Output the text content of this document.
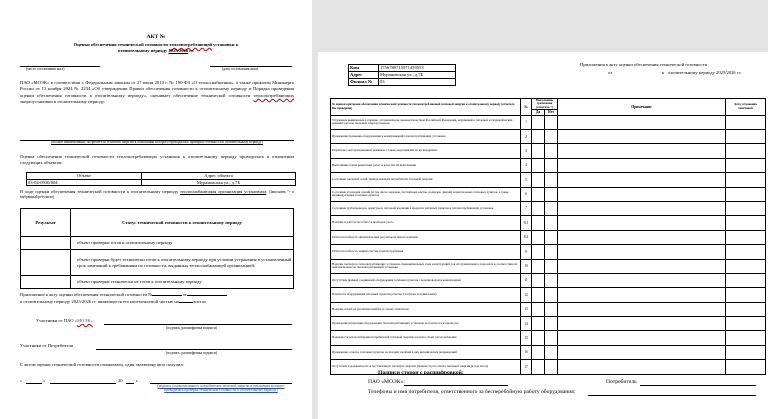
АКТ №
Оценки обеспечения технической готовности теплопотребляющей установки к
отопительному периоду 2025/2026 гг.
(место составления акта)	(дата составления акта)
ПАО «МОЭК» в соответствии с Федеральным законом от 27 июля 2010 г. № 190-ФЗ «О теплоснабжении», а также приказом Минэнерго России от 13 ноября 2024 № 2234 «Об утверждении Правил обеспечения готовности к отопительному периоду и Порядка проведения оценки обеспечения готовности к отопительному периоду», оценивает обеспечение технической готовности теплопотребляющих энергоустановки к отопительному периоду:
(полное наименование потребителя тепловой энергии в отношении которого проводилась проверка готовности к отопительному периоду)
Оценка обеспечения технической готовности теплопотребляющих установок к отопительному периоду проводилась в отношении следующих объектов:
Объект	Адрес объекта
03-04-0930/004	Мурановская ул., д.7Б
В ходе оценки обеспечения технической готовности к отопительному периоду теплоснабжающая организация установила: (Заполнить "+ в выбранный результат)
Результат	Статус технической готовности к отопительному периоду
	объект проверки готов к отопительному периоду
	объект проверки будет технически готов к отопительному периоду при условии устранения в установленный срок замечаний к требованиям по готовности, выданных теплоснабжающей организацией;
	объект проверки технически не готов к отопительному периоду
Приложение к акту оценки обеспечения технической готовности №	от
к отопительному периоду 2025/2026 гг. являющееся его неотъемлемой частью на	листах
Участники от ПАО «МОЭК»
(подпись, расшифровка подписи)
Участники от Потребителя
(подпись, расшифровка подписи)
С актом оценки технической готовности ознакомлен, один экземпляр акта получил:
«	»	20	г.
(подпись уполномоченного потребителем тепловой энергии в отношении которого проводилась проверка технической готовности к отопительному периоду)
Приложения к акту оценки обеспечения технической готовности
от	к отопительному периоду 2025/2026 гг.
Ким	1756780715071459553
Адрес	Мурановская ул., д.7Б
Филиал №	03
№ оценки критериев обеспечения технической готовности теплопотребляющей тепловой энергии к отопительному периоду (отметьте Вы проверено)	№	Выполнение требования (отметить +)		Примечание	Дата устранения замечаний
		Да	Нет		
Устранение выявленных в порядке, установленном законодательством Российской Федерации, нарушений в тепловых и гидравлических режимах работы тепловых энергоустановок	1				
Проведение промывки оборудования и коммуникаций теплопотребляющих установок	2				
Разработка эксплуатационных режимов, а также мероприятий по их внедрению	3				
Выполнение плана ремонтных работ и качество их выполнения	4				
Состояние тепловых сетей, принадлежащих потребителю тепловой энергии	5				
Состояние утепления зданий (и том числе чердаков, лестничных клеток, подвалов, дверей) и центральных тепловых пунктов, а также индивидуальных тепловых пунктов	6				
Состояние трубопроводов, арматуры и тепловой изоляции в пределах тепловых пунктов и теплопотребляющих установок	7				
Наличие и работоспособность приборов учета	8.1				
Работоспособность автоматических регуляторов при их наличии	8.2				
Работоспособность защиты систем теплопотребления	9				
Наличие паспортов теплопотребляющих установок, принципиальных схем и инструкций для обслуживающего персонала и соответствие их действительности теплопотребляющей установки	10				
Отсутствие прямых соединений оборудования тепловых пунктов с водопроводом и канализацией	11				
Плотность оборудования тепловых пунктов (отметка 0 и прочее и примечание)	12				
Наличие пломб на расчетных шайбах и соплах элеваторов	13				
Проведение испытания оборудования теплопотребляющих установок на плотность и прочность	14				
Надежность теплоснабжения потребителей тепловой энергии согласно схеме теплоснабжения	15				
Проведение осмотра тепловых пунктов на предмет наличия в них механических повреждений	16				
Отсутствие задолженности за поставленную тепловую энергию (мощность) по оплате тепловой энергии (в том числе)	17				
Подписи сторон с расшифровкой:
ПАО «МОЭК»:	Потребитель
Телефоны и имя потребителя, ответственного за бесперебойную работу оборудования:
